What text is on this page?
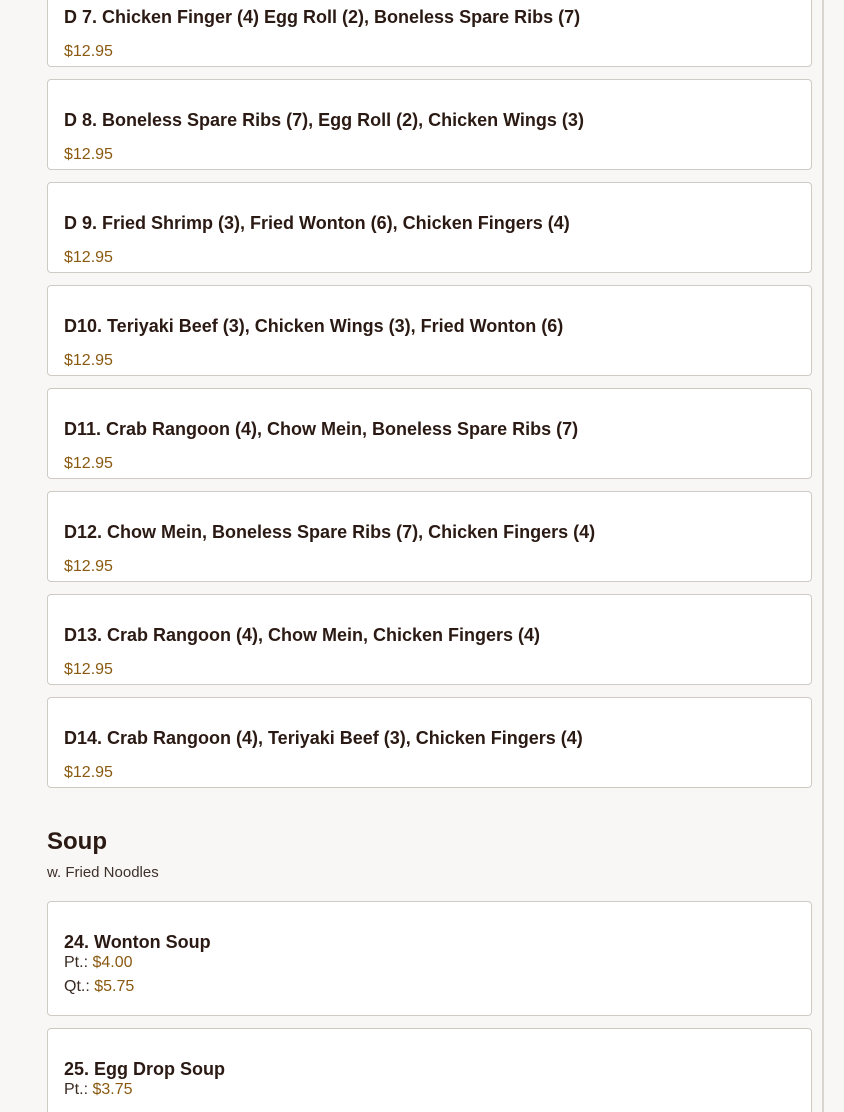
D 7. Chicken Finger (4) Egg Roll (2), Boneless Spare Ribs (7)
$12.95
D 8. Boneless Spare Ribs (7), Egg Roll (2), Chicken Wings (3)
$12.95
D 9. Fried Shrimp (3), Fried Wonton (6), Chicken Fingers (4)
$12.95
D10. Teriyaki Beef (3), Chicken Wings (3), Fried Wonton (6)
$12.95
D11. Crab Rangoon (4), Chow Mein, Boneless Spare Ribs (7)
$12.95
D12. Chow Mein, Boneless Spare Ribs (7), Chicken Fingers (4)
$12.95
D13. Crab Rangoon (4), Chow Mein, Chicken Fingers (4)
$12.95
D14. Crab Rangoon (4), Teriyaki Beef (3), Chicken Fingers (4)
$12.95
Soup
w. Fried Noodles
24. Wonton Soup
Pt.: $4.00
Qt.: $5.75
25. Egg Drop Soup
Pt.: $3.75
